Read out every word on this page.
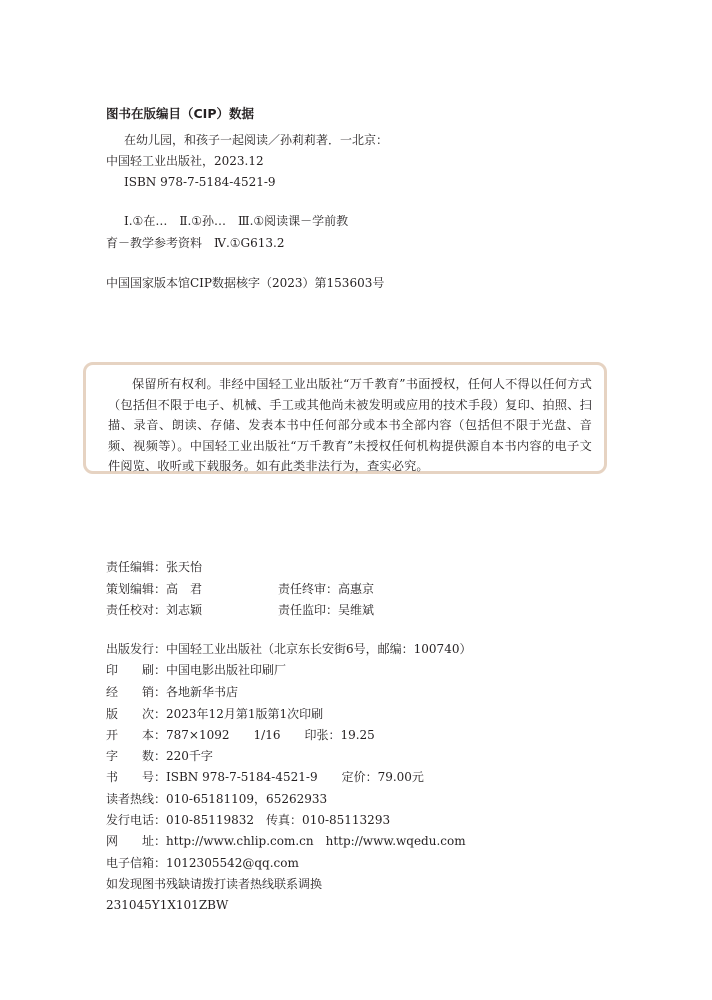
图书在版编目（CIP）数据
在幼儿园，和孩子一起阅读／孙莉莉著．一北京：
中国轻工业出版社，2023.12
ISBN 978-7-5184-4521-9
Ⅰ.①在…　Ⅱ.①孙…　Ⅲ.①阅读课－学前教
育－教学参考资料　Ⅳ.①G613.2
中国国家版本馆CIP数据核字（2023）第153603号

保留所有权利。非经中国轻工业出版社“万千教育”书面授权，任何人不得以任何方式（包括但不限于电子、机械、手工或其他尚未被发明或应用的技术手段）复印、拍照、扫描、录音、朗读、存储、发表本书中任何部分或本书全部内容（包括但不限于光盘、音频、视频等）。中国轻工业出版社“万千教育”未授权任何机构提供源自本书内容的电子文件阅览、收听或下载服务。如有此类非法行为，查实必究。

责任编辑：张天怡
策划编辑：高　君	责任终审：高惠京
责任校对：刘志颖	责任监印：吴维斌
出版发行：中国轻工业出版社（北京东长安街6号，邮编：100740）
印 刷：中国电影出版社印刷厂
经 销：各地新华书店
版 次：2023年12月第1版第1次印刷
开 本：787×1092　　1/16　　印张：19.25
字 数：220千字
书 号：ISBN 978-7-5184-4521-9　　定价：79.00元
读者热线：010-65181109，65262933
发行电话：010-85119832　传真：010-85113293
网 址：http://www.chlip.com.cn　http://www.wqedu.com
电子信箱：1012305542@qq.com
如发现图书残缺请拨打读者热线联系调换
231045Y1X101ZBW
